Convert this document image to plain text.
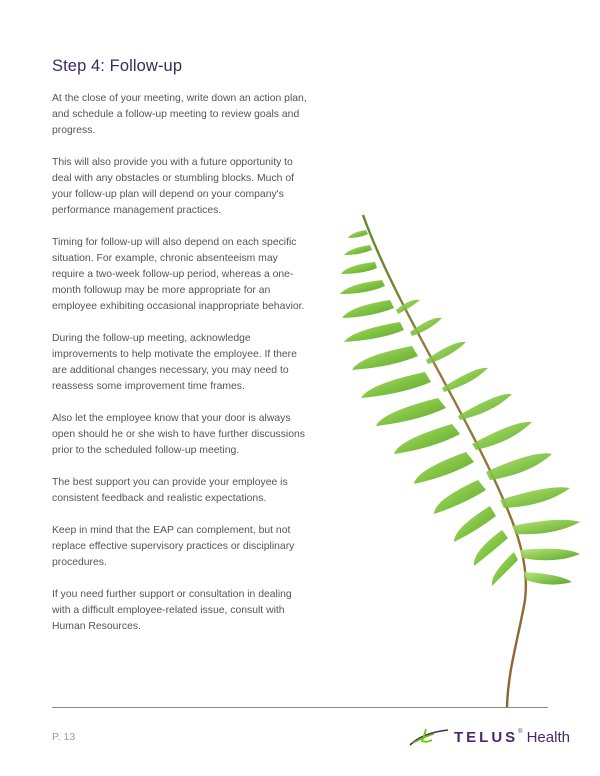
Step 4: Follow-up

At the close of your meeting, write down an action plan, and schedule a follow-up meeting to review goals and progress.

This will also provide you with a future opportunity to deal with any obstacles or stumbling blocks. Much of your follow-up plan will depend on your company's performance management practices.

Timing for follow-up will also depend on each specific situation. For example, chronic absenteeism may require a two-week follow-up period, whereas a one-month followup may be more appropriate for an employee exhibiting occasional inappropriate behavior.

During the follow-up meeting, acknowledge improvements to help motivate the employee. If there are additional changes necessary, you may need to reassess some improvement time frames.

Also let the employee know that your door is always open should he or she wish to have further discussions prior to the scheduled follow-up meeting.

The best support you can provide your employee is consistent feedback and realistic expectations.

Keep in mind that the EAP can complement, but not replace effective supervisory practices or disciplinary procedures.

If you need further support or consultation in dealing with a difficult employee-related issue, consult with Human Resources.

P. 13	TELUS ® Health
